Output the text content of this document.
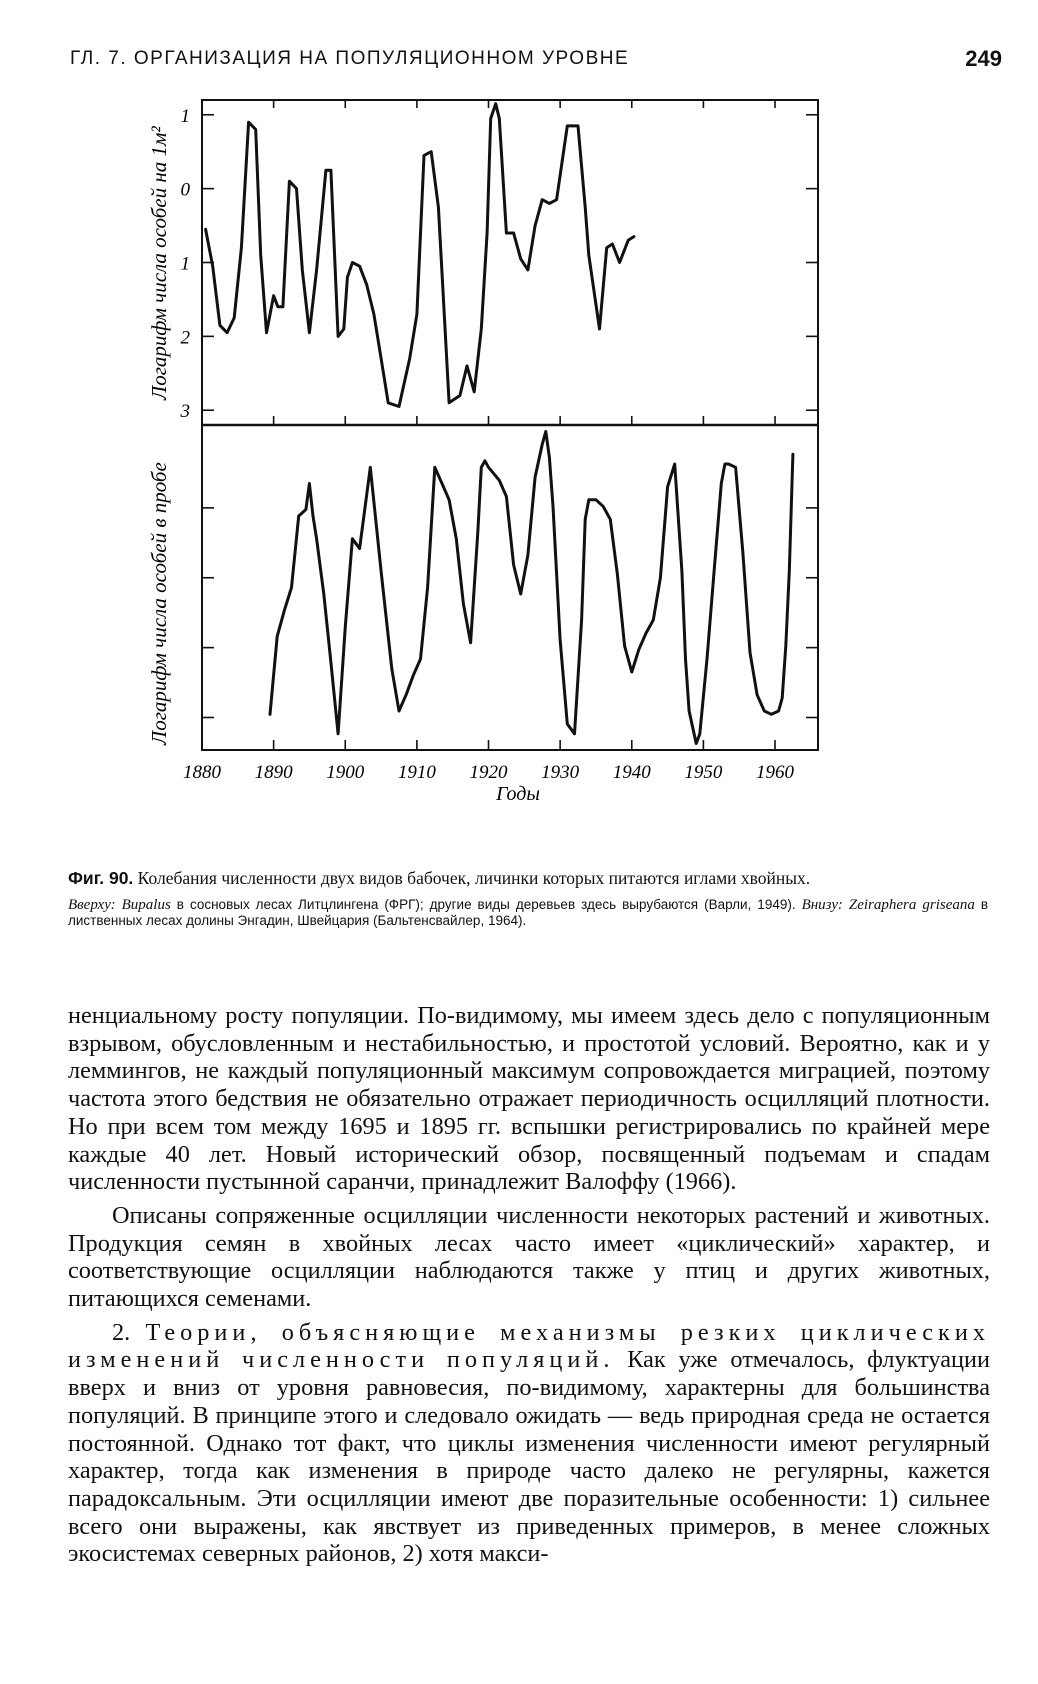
ГЛ. 7. ОРГАНИЗАЦИЯ НА ПОПУЛЯЦИОННОМ УРОВНЕ	249
Логарифм числа особей на 1м²
Логарифм числа особей в пробе
Годы
1880 1890 1900 1910 1920 1930 1940 1950 1960
1
0
1
2
3
Фиг. 90. Колебания численности двух видов бабочек, личинки которых питаются иглами хвойных.
Вверху: Bupalus в сосновых лесах Литцлингена (ФРГ); другие виды деревьев здесь вырубаются (Варли, 1949). Внизу: Zeiraphera griseana в лиственных лесах долины Энгадин, Швейцария (Бальтенсвайлер, 1964).

ненциальному росту популяции. По-видимому, мы имеем здесь дело с популяционным взрывом, обусловленным и нестабильностью, и простотой условий. Вероятно, как и у леммингов, не каждый популяционный максимум сопровождается миграцией, поэтому частота этого бедствия не обязательно отражает периодичность осцилляций плотности. Но при всем том между 1695 и 1895 гг. вспышки регистрировались по крайней мере каждые 40 лет. Новый исторический обзор, посвященный подъемам и спадам численности пустынной саранчи, принадлежит Валоффу (1966).

Описаны сопряженные осцилляции численности некоторых растений и животных. Продукция семян в хвойных лесах часто имеет «циклический» характер, и соответствующие осцилляции наблюдаются также у птиц и других животных, питающихся семенами.

2. Теории, объясняющие механизмы резких циклических изменений численности популяций. Как уже отмечалось, флуктуации вверх и вниз от уровня равновесия, по-видимому, характерны для большинства популяций. В принципе этого и следовало ожидать — ведь природная среда не остается постоянной. Однако тот факт, что циклы изменения численности имеют регулярный характер, тогда как изменения в природе часто далеко не регулярны, кажется парадоксальным. Эти осцилляции имеют две поразительные особенности: 1) сильнее всего они выражены, как явствует из приведенных примеров, в менее сложных экосистемах северных районов, 2) хотя макси-
